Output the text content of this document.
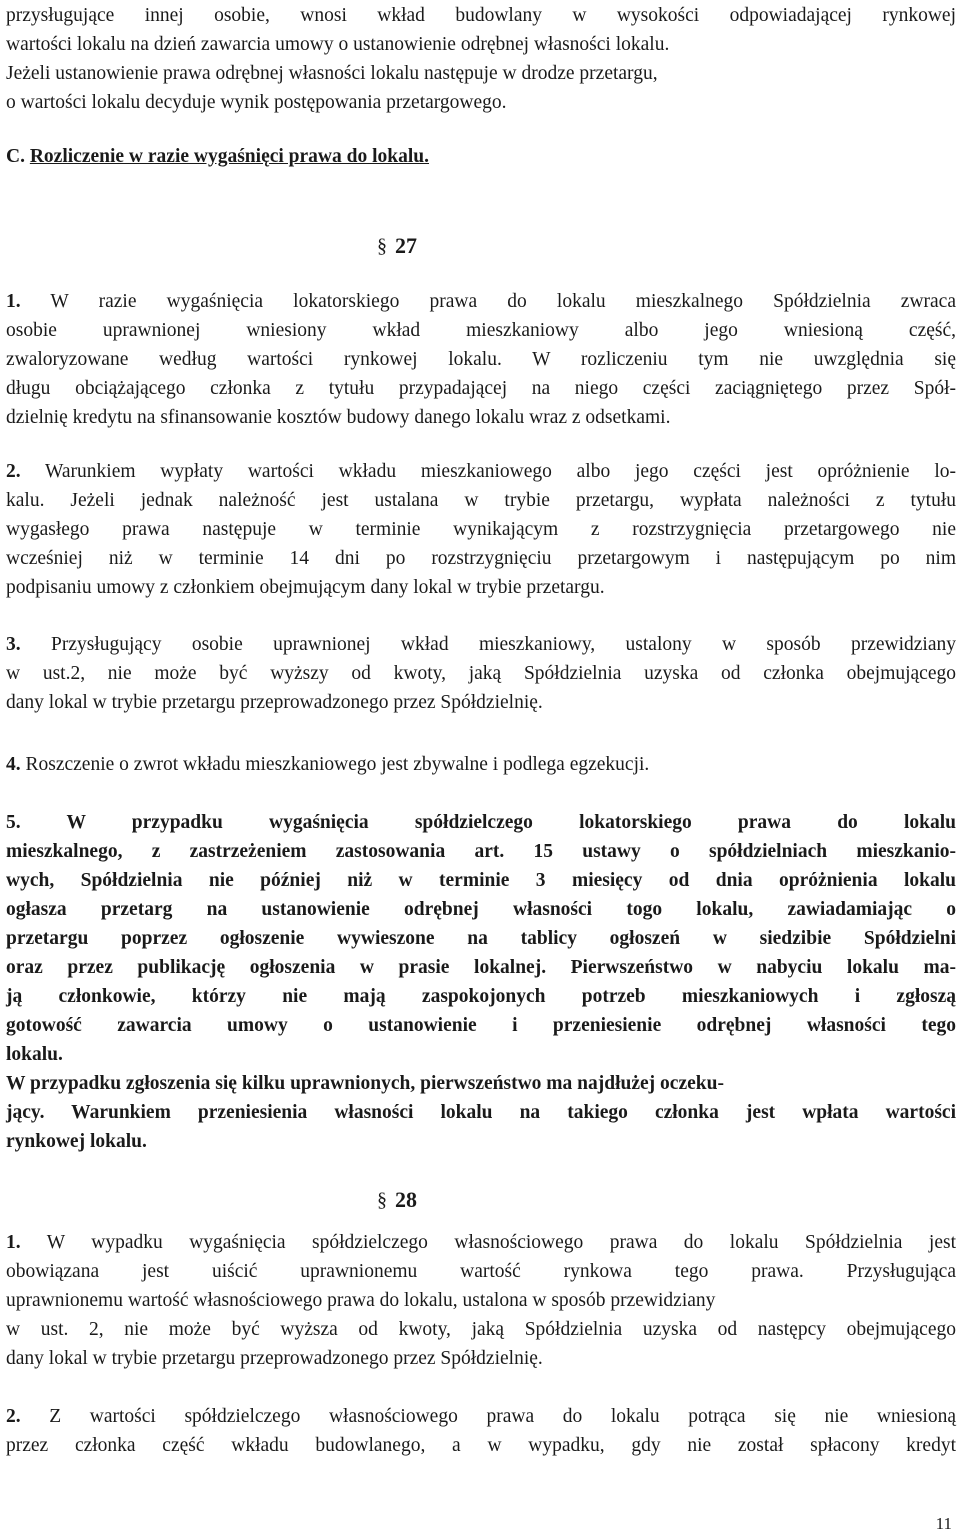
przysługujące innej osobie, wnosi wkład budowlany w wysokości odpowiadającej rynkowej
wartości lokalu na dzień zawarcia umowy o ustanowienie odrębnej własności lokalu.
Jeżeli ustanowienie prawa odrębnej własności lokalu następuje w drodze przetargu,
o wartości lokalu decyduje wynik postępowania przetargowego.
C. Rozliczenie w razie wygaśnięci prawa do lokalu.
§ 27
1. W razie wygaśnięcia lokatorskiego prawa do lokalu mieszkalnego Spółdzielnia zwraca
osobie uprawnionej wniesiony wkład mieszkaniowy albo jego wniesioną część,
zwaloryzowane według wartości rynkowej lokalu. W rozliczeniu tym nie uwzględnia się
długu obciążającego członka z tytułu przypadającej na niego części zaciągniętego przez Spół-
dzielnię kredytu na sfinansowanie kosztów budowy danego lokalu wraz z odsetkami.
2. Warunkiem wypłaty wartości wkładu mieszkaniowego albo jego części jest opróżnienie lo-
kalu. Jeżeli jednak należność jest ustalana w trybie przetargu, wypłata należności z tytułu
wygasłego prawa następuje w terminie wynikającym z rozstrzygnięcia przetargowego nie
wcześniej niż w terminie 14 dni po rozstrzygnięciu przetargowym i następującym po nim
podpisaniu umowy z członkiem obejmującym dany lokal w trybie przetargu.
3. Przysługujący osobie uprawnionej wkład mieszkaniowy, ustalony w sposób przewidziany
w ust.2, nie może być wyższy od kwoty, jaką Spółdzielnia uzyska od członka obejmującego
dany lokal w trybie przetargu przeprowadzonego przez Spółdzielnię.
4. Roszczenie o zwrot wkładu mieszkaniowego jest zbywalne i podlega egzekucji.
5. W przypadku wygaśnięcia spółdzielczego lokatorskiego prawa do lokalu
mieszkalnego, z zastrzeżeniem zastosowania art. 15 ustawy o spółdzielniach mieszkanio-
wych, Spółdzielnia nie później niż w terminie 3 miesięcy od dnia opróżnienia lokalu
ogłasza przetarg na ustanowienie odrębnej własności togo lokalu, zawiadamiając o
przetargu poprzez ogłoszenie wywieszone na tablicy ogłoszeń w siedzibie Spółdzielni
oraz przez publikację ogłoszenia w prasie lokalnej. Pierwszeństwo w nabyciu lokalu ma-
ją członkowie, którzy nie mają zaspokojonych potrzeb mieszkaniowych i zgłoszą
gotowość zawarcia umowy o ustanowienie i przeniesienie odrębnej własności tego
lokalu.
W przypadku zgłoszenia się kilku uprawnionych, pierwszeństwo ma najdłużej oczeku-
jący. Warunkiem przeniesienia własności lokalu na takiego członka jest wpłata wartości
rynkowej lokalu.
§ 28
1. W wypadku wygaśnięcia spółdzielczego własnościowego prawa do lokalu Spółdzielnia jest
obowiązana jest uiścić uprawnionemu wartość rynkowa tego prawa. Przysługująca
uprawnionemu wartość własnościowego prawa do lokalu, ustalona w sposób przewidziany
w ust. 2, nie może być wyższa od kwoty, jaką Spółdzielnia uzyska od następcy obejmującego
dany lokal w trybie przetargu przeprowadzonego przez Spółdzielnię.
2. Z wartości spółdzielczego własnościowego prawa do lokalu potrąca się nie wniesioną
przez członka część wkładu budowlanego, a w wypadku, gdy nie został spłacony kredyt
11
